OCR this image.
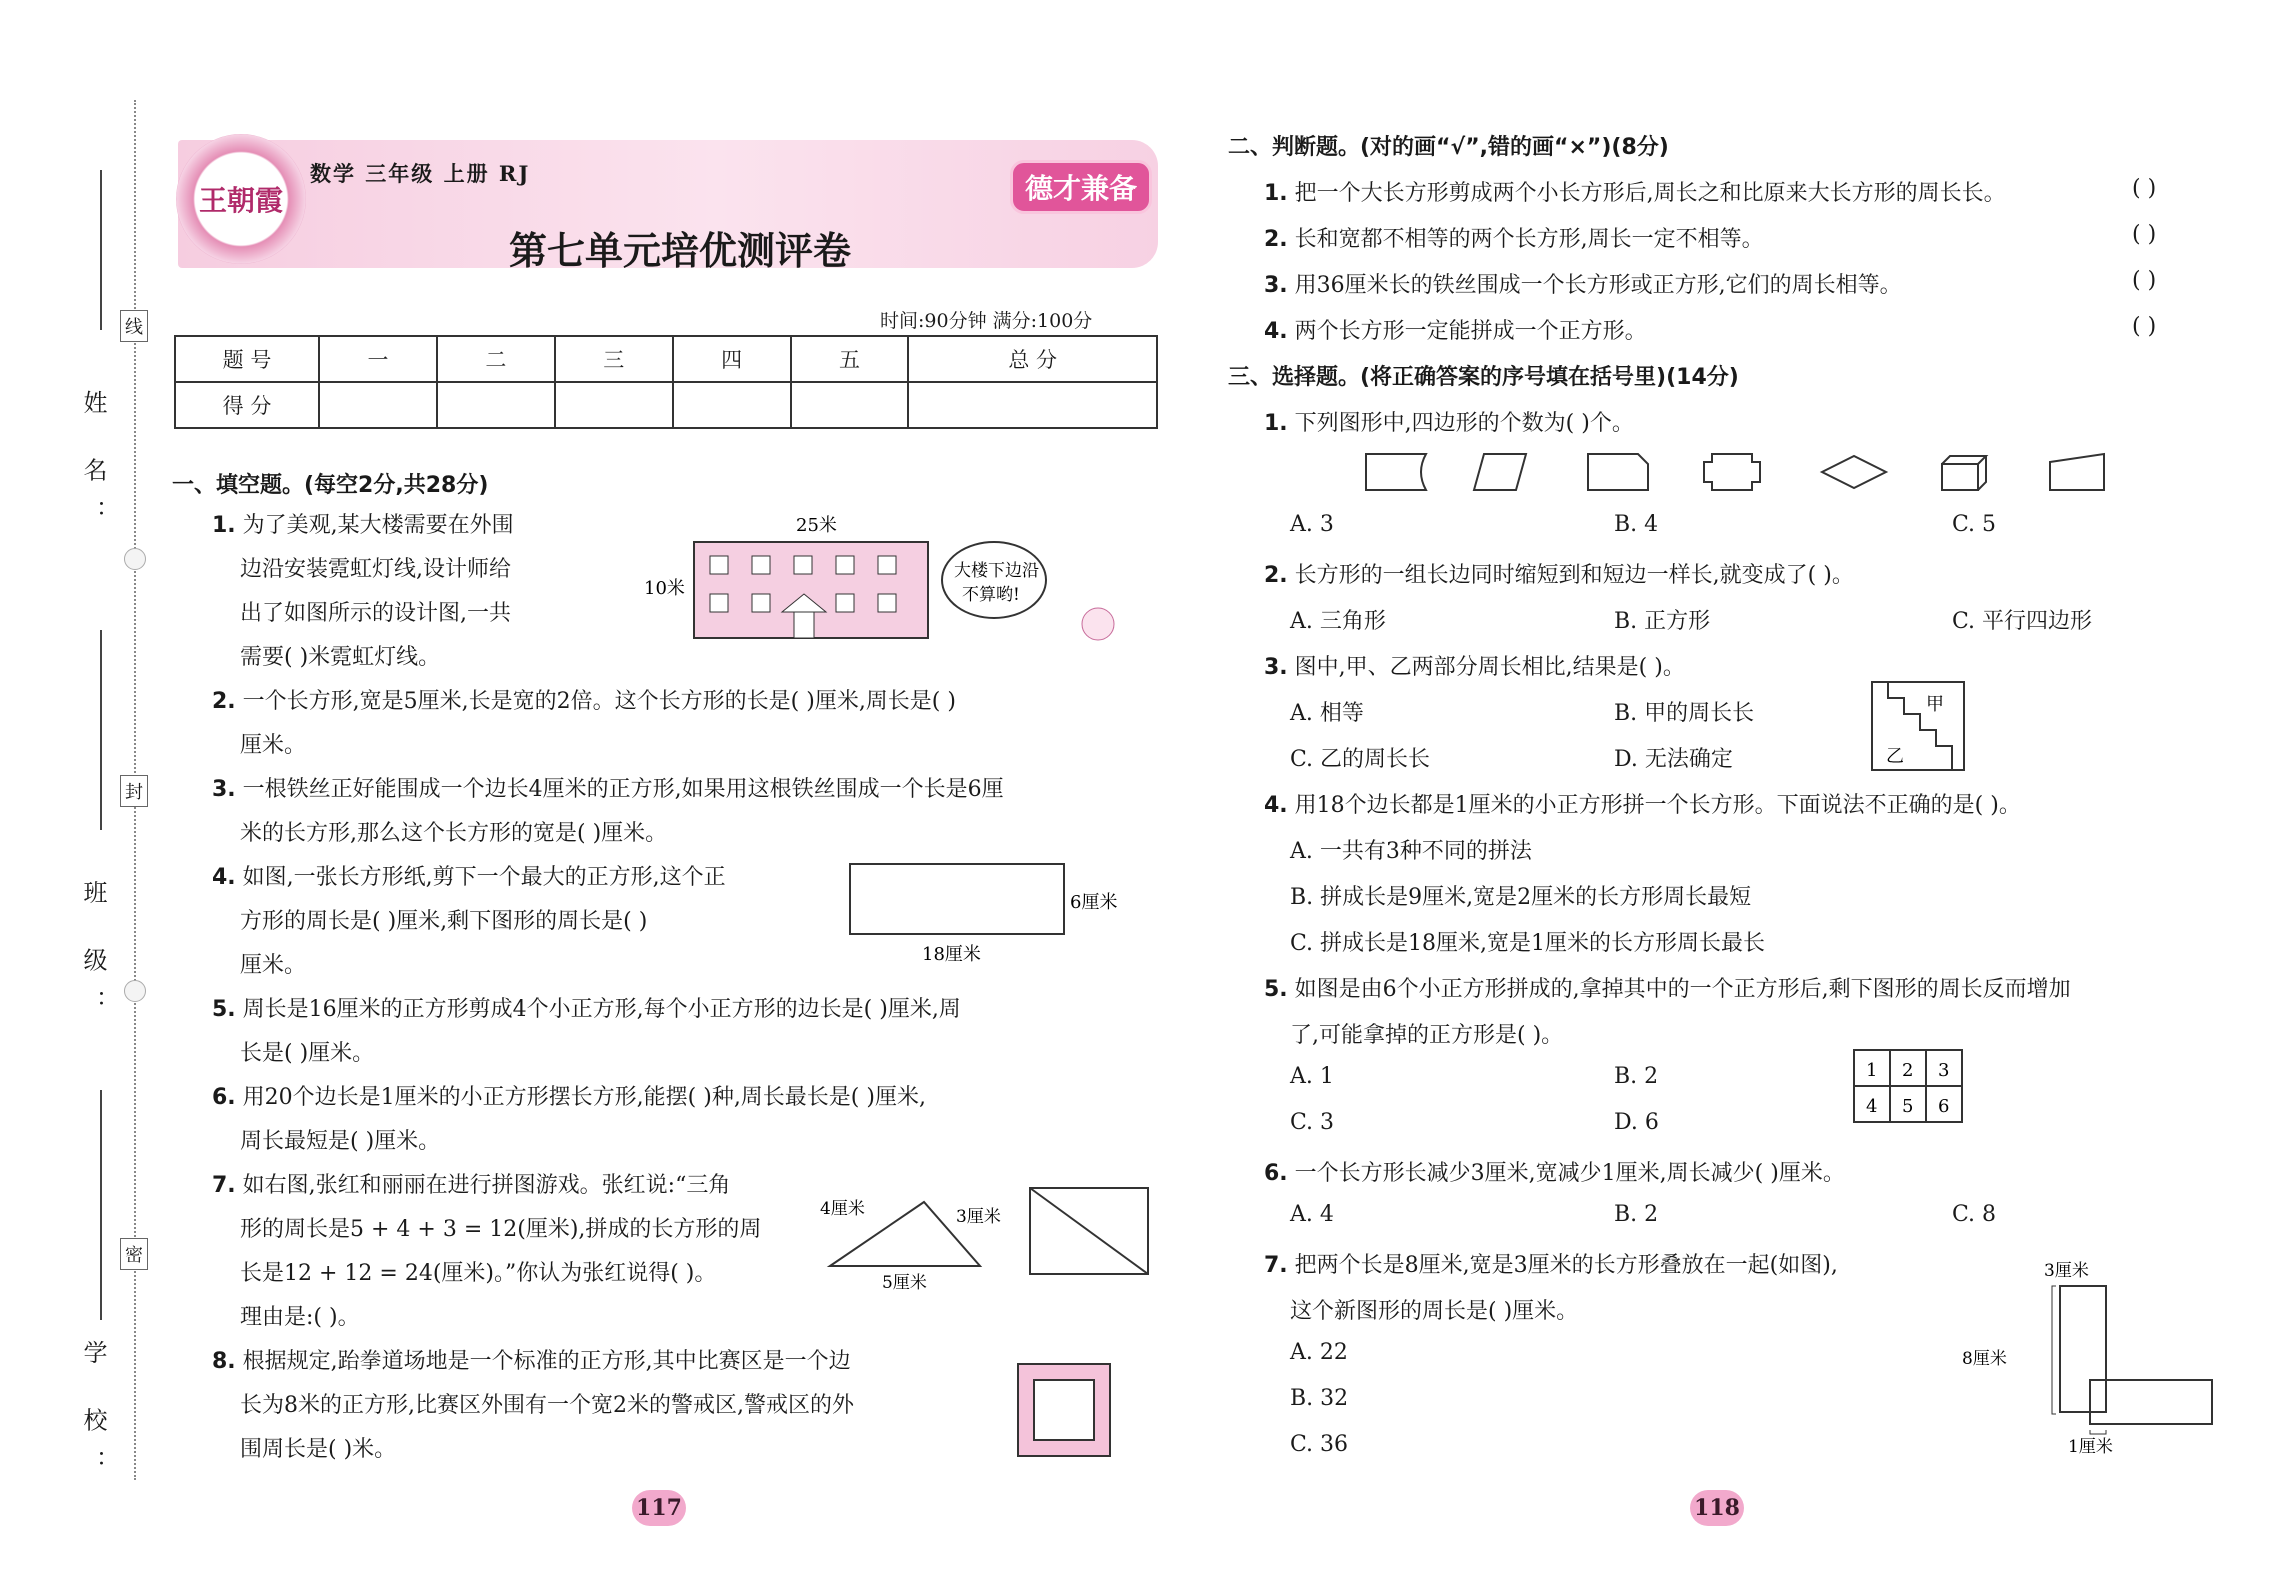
姓 名：
班 级：
学 校：
线
封
密
王朝霞
数学 三年级 上册 RJ
第七单元培优测评卷
德才兼备
时间:90分钟 满分:100分
题 号	一	二	三	四	五	总 分
得 分						
一、填空题。(每空2分,共28分)
1. 为了美观,某大楼需要在外围
边沿安装霓虹灯线,设计师给
出了如图所示的设计图,一共
需要( )米霓虹灯线。
25米
10米
大楼下边沿
不算哟!
2. 一个长方形,宽是5厘米,长是宽的2倍。这个长方形的长是( )厘米,周长是( )
厘米。
3. 一根铁丝正好能围成一个边长4厘米的正方形,如果用这根铁丝围成一个长是6厘
米的长方形,那么这个长方形的宽是( )厘米。
4. 如图,一张长方形纸,剪下一个最大的正方形,这个正
方形的周长是( )厘米,剩下图形的周长是( )
厘米。
6厘米
18厘米
5. 周长是16厘米的正方形剪成4个小正方形,每个小正方形的边长是( )厘米,周
长是( )厘米。
6. 用20个边长是1厘米的小正方形摆长方形,能摆( )种,周长最长是( )厘米,
周长最短是( )厘米。
7. 如右图,张红和丽丽在进行拼图游戏。张红说:“三角
形的周长是5 + 4 + 3 = 12(厘米),拼成的长方形的周
长是12 + 12 = 24(厘米)。”你认为张红说得( )。
理由是:( )。
4厘米	3厘米
5厘米
8. 根据规定,跆拳道场地是一个标准的正方形,其中比赛区是一个边
长为8米的正方形,比赛区外围有一个宽2米的警戒区,警戒区的外
围周长是( )米。
117
二、判断题。(对的画“√”,错的画“×”)(8分)
1. 把一个大长方形剪成两个小长方形后,周长之和比原来大长方形的周长长。	( )
2. 长和宽都不相等的两个长方形,周长一定不相等。	( )
3. 用36厘米长的铁丝围成一个长方形或正方形,它们的周长相等。	( )
4. 两个长方形一定能拼成一个正方形。	( )
三、选择题。(将正确答案的序号填在括号里)(14分)
1. 下列图形中,四边形的个数为( )个。
A. 3	B. 4	C. 5
2. 长方形的一组长边同时缩短到和短边一样长,就变成了( )。
A. 三角形	B. 正方形	C. 平行四边形
3. 图中,甲、乙两部分周长相比,结果是( )。
A. 相等	B. 甲的周长长
C. 乙的周长长	D. 无法确定
甲
乙
4. 用18个边长都是1厘米的小正方形拼一个长方形。下面说法不正确的是( )。
A. 一共有3种不同的拼法
B. 拼成长是9厘米,宽是2厘米的长方形周长最短
C. 拼成长是18厘米,宽是1厘米的长方形周长最长
5. 如图是由6个小正方形拼成的,拿掉其中的一个正方形后,剩下图形的周长反而增加
了,可能拿掉的正方形是( )。
A. 1	B. 2
C. 3	D. 6
1 2 3
4 5 6
6. 一个长方形长减少3厘米,宽减少1厘米,周长减少( )厘米。
A. 4	B. 2	C. 8
7. 把两个长是8厘米,宽是3厘米的长方形叠放在一起(如图),
这个新图形的周长是( )厘米。
A. 22
B. 32
C. 36
3厘米
8厘米
1厘米
118
